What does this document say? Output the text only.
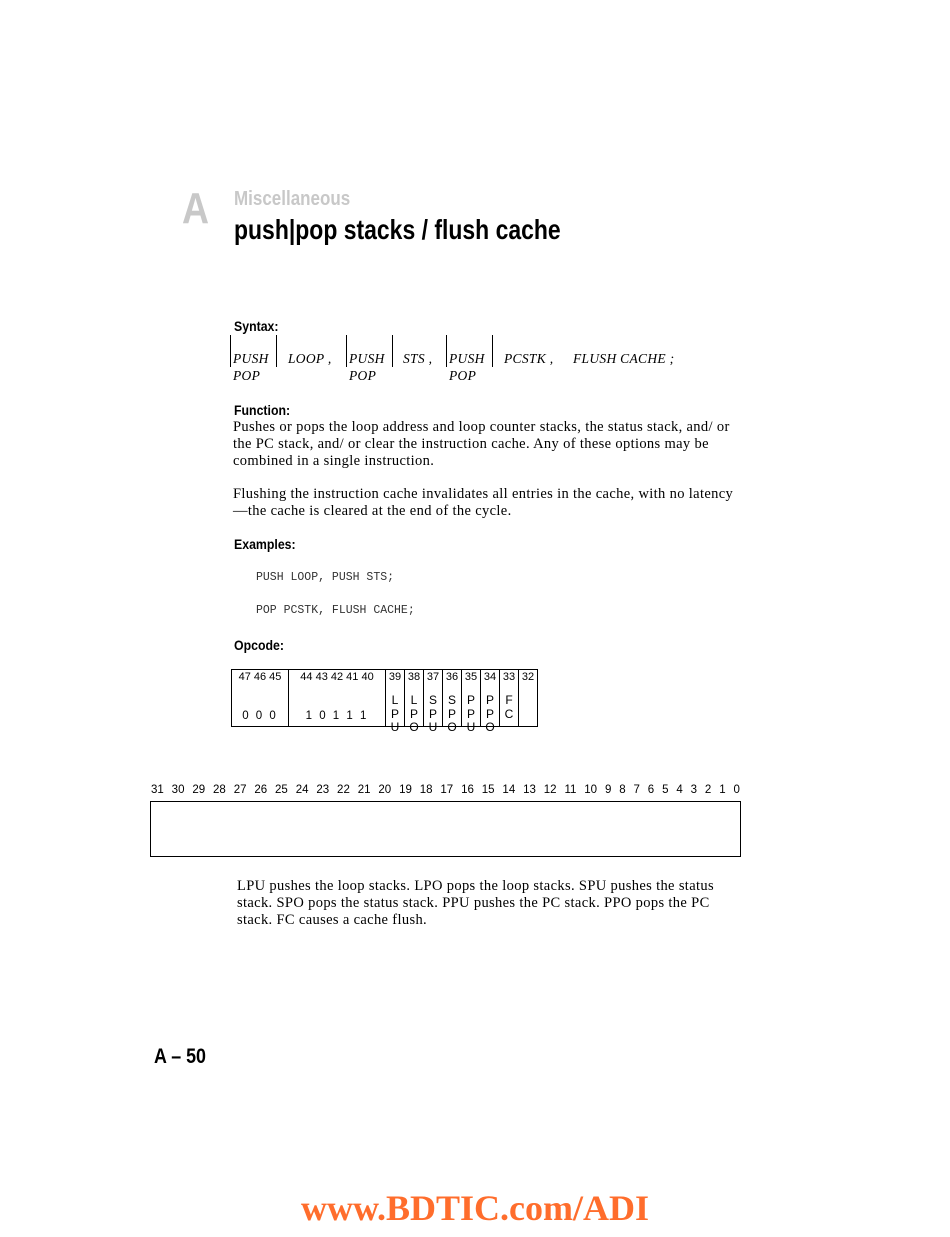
A Miscellaneous
push|pop stacks / flush cache
Syntax:
PUSH
POP
LOOP , PUSH
POP
STS , PUSH
POP
PCSTK , FLUSH CACHE ;
Function:
Pushes or pops the loop address and loop counter stacks, the status stack, and/ or the PC stack, and/ or clear the instruction cache. Any of these options may be combined in a single instruction.
Flushing the instruction cache invalidates all entries in the cache, with no latency—the cache is cleared at the end of the cycle.
Examples:
PUSH LOOP, PUSH STS;
POP PCSTK, FLUSH CACHE;
Opcode:
47 46 45
0 0 0
44 43 42 41 40
1 0 1 1 1
39
L P U
38
L P O
37
S P U
36
S P O
35
P P U
34
P P O
33
F C
32
31 30 29 28 27 26 25 24 23 22 21 20 19 18 17 16 15 14 13 12 11 10 9 8 7 6 5 4 3 2 1 0
LPU pushes the loop stacks. LPO pops the loop stacks. SPU pushes the status stack. SPO pops the status stack. PPU pushes the PC stack. PPO pops the PC stack. FC causes a cache flush.
A – 50
www.BDTIC.com/ADI
